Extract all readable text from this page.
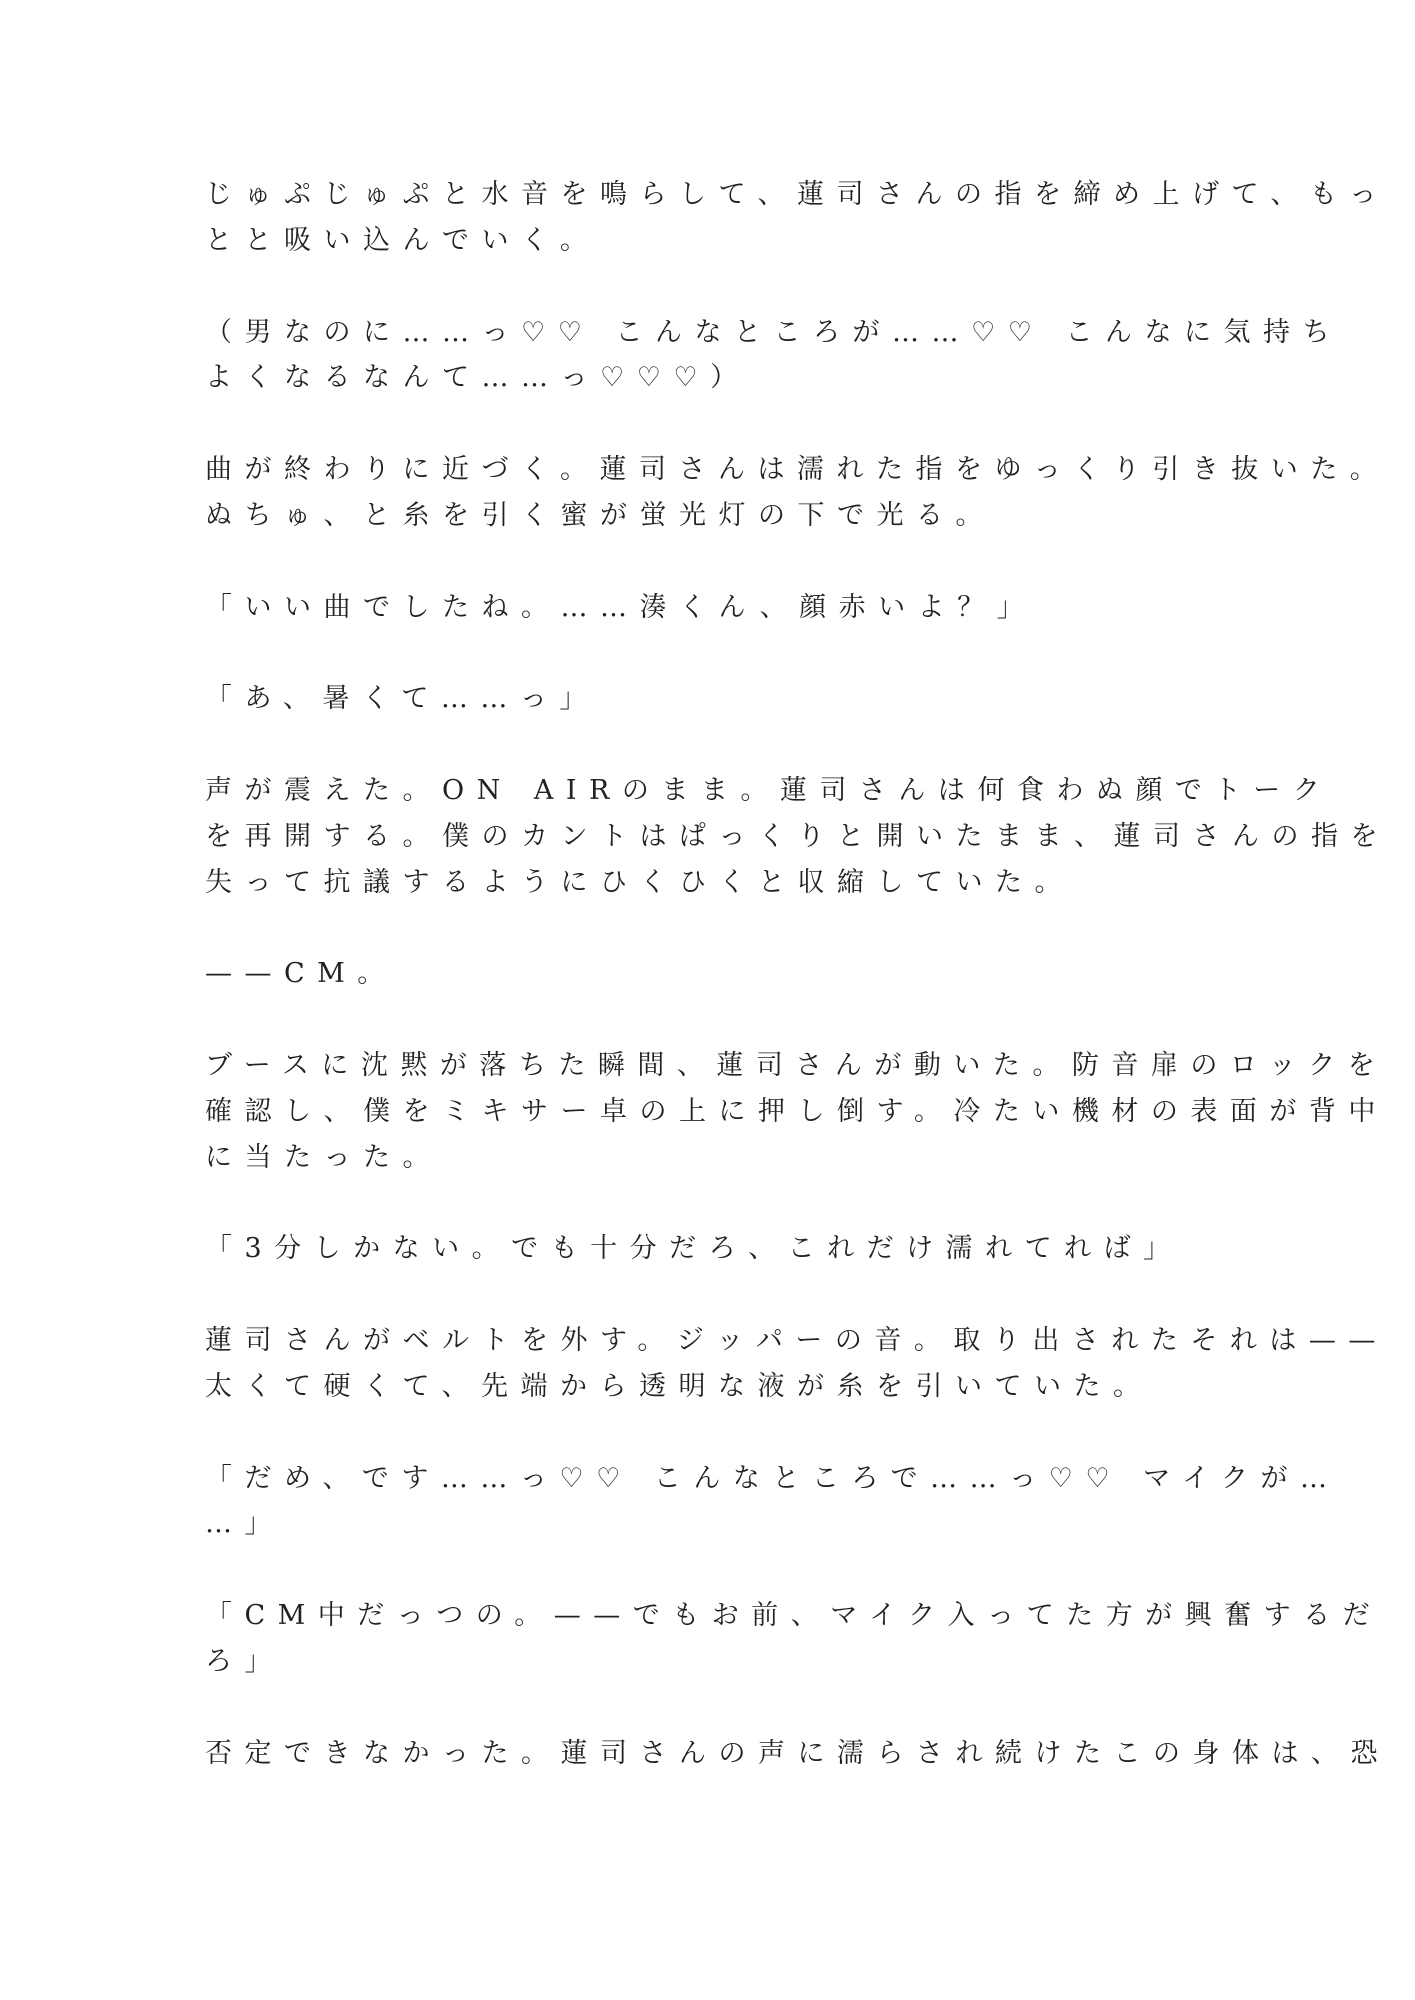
じゅぷじゅぷと水音を鳴らして、蓮司さんの指を締め上げて、もっ
とと吸い込んでいく。
（男なのに……っ♡♡ こんなところが……♡♡ こんなに気持ち
よくなるなんて……っ♡♡♡）
曲が終わりに近づく。蓮司さんは濡れた指をゆっくり引き抜いた。
ぬちゅ、と糸を引く蜜が蛍光灯の下で光る。
「いい曲でしたね。……湊くん、顔赤いよ？」
「あ、暑くて……っ」
声が震えた。ON AIRのまま。蓮司さんは何食わぬ顔でトーク
を再開する。僕のカントはぱっくりと開いたまま、蓮司さんの指を
失って抗議するようにひくひくと収縮していた。
——CM。
ブースに沈黙が落ちた瞬間、蓮司さんが動いた。防音扉のロックを
確認し、僕をミキサー卓の上に押し倒す。冷たい機材の表面が背中
に当たった。
「3分しかない。でも十分だろ、これだけ濡れてれば」
蓮司さんがベルトを外す。ジッパーの音。取り出されたそれは——
太くて硬くて、先端から透明な液が糸を引いていた。
「だめ、です……っ♡♡ こんなところで……っ♡♡ マイクが…
…」
「CM中だっつの。——でもお前、マイク入ってた方が興奮するだ
ろ」
否定できなかった。蓮司さんの声に濡らされ続けたこの身体は、恐
